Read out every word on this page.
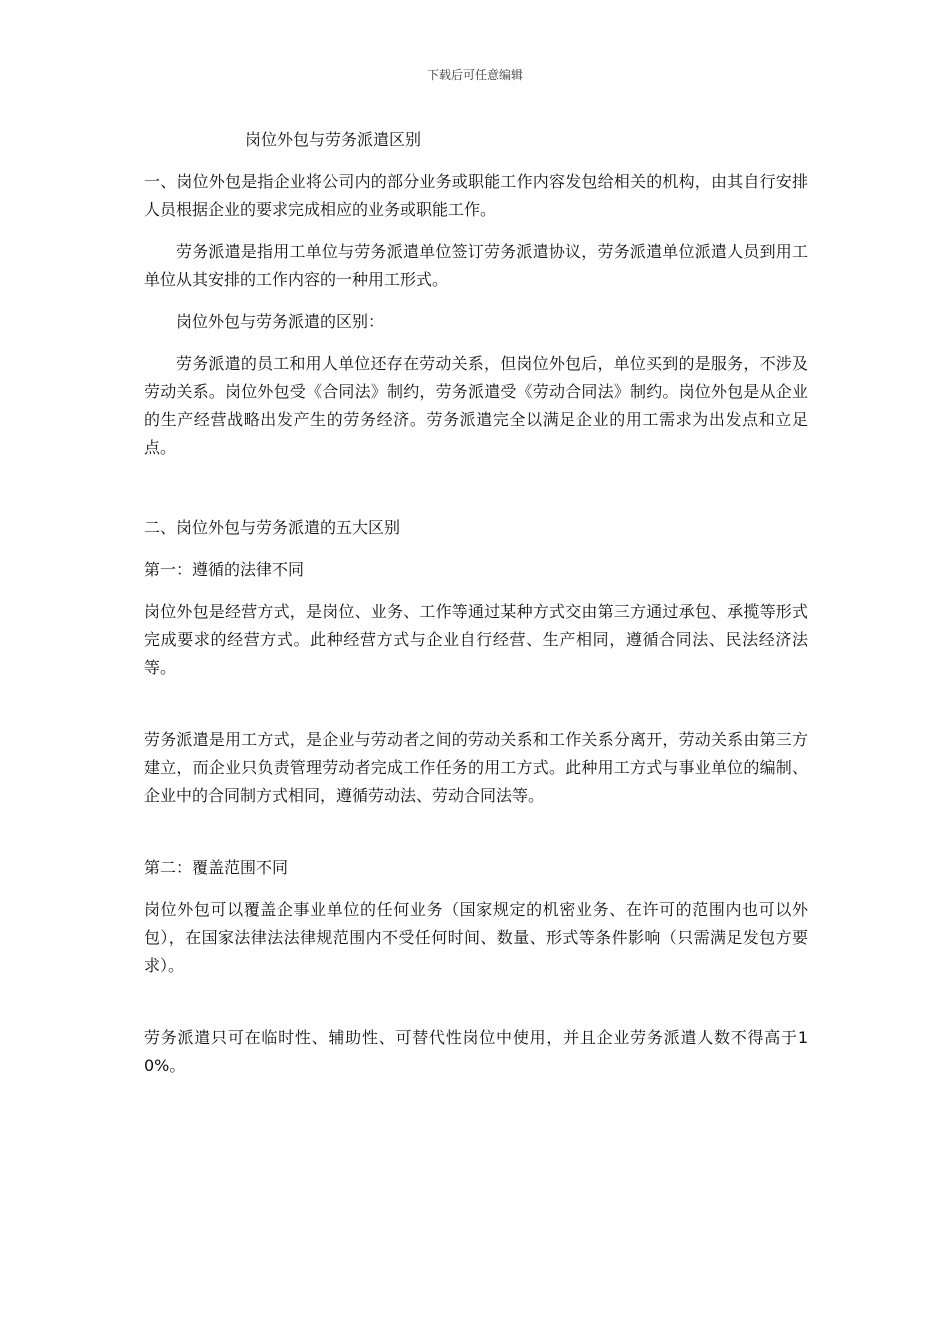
下载后可任意编辑
岗位外包与劳务派遣区别

一、岗位外包是指企业将公司内的部分业务或职能工作内容发包给相关的机构，由其自行安排人员根据企业的要求完成相应的业务或职能工作。

劳务派遣是指用工单位与劳务派遣单位签订劳务派遣协议，劳务派遣单位派遣人员到用工单位从其安排的工作内容的一种用工形式。

岗位外包与劳务派遣的区别：

劳务派遣的员工和用人单位还存在劳动关系，但岗位外包后，单位买到的是服务，不涉及劳动关系。岗位外包受《合同法》制约，劳务派遣受《劳动合同法》制约。岗位外包是从企业的生产经营战略出发产生的劳务经济。劳务派遣完全以满足企业的用工需求为出发点和立足点。

二、岗位外包与劳务派遣的五大区别

第一：遵循的法律不同

岗位外包是经营方式，是岗位、业务、工作等通过某种方式交由第三方通过承包、承揽等形式完成要求的经营方式。此种经营方式与企业自行经营、生产相同，遵循合同法、民法经济法等。

劳务派遣是用工方式，是企业与劳动者之间的劳动关系和工作关系分离开，劳动关系由第三方建立，而企业只负责管理劳动者完成工作任务的用工方式。此种用工方式与事业单位的编制、企业中的合同制方式相同，遵循劳动法、劳动合同法等。

第二：覆盖范围不同

岗位外包可以覆盖企事业单位的任何业务（国家规定的机密业务、在许可的范围内也可以外包），在国家法律法法律规范围内不受任何时间、数量、形式等条件影响（只需满足发包方要求）。

劳务派遣只可在临时性、辅助性、可替代性岗位中使用，并且企业劳务派遣人数不得高于10%。
